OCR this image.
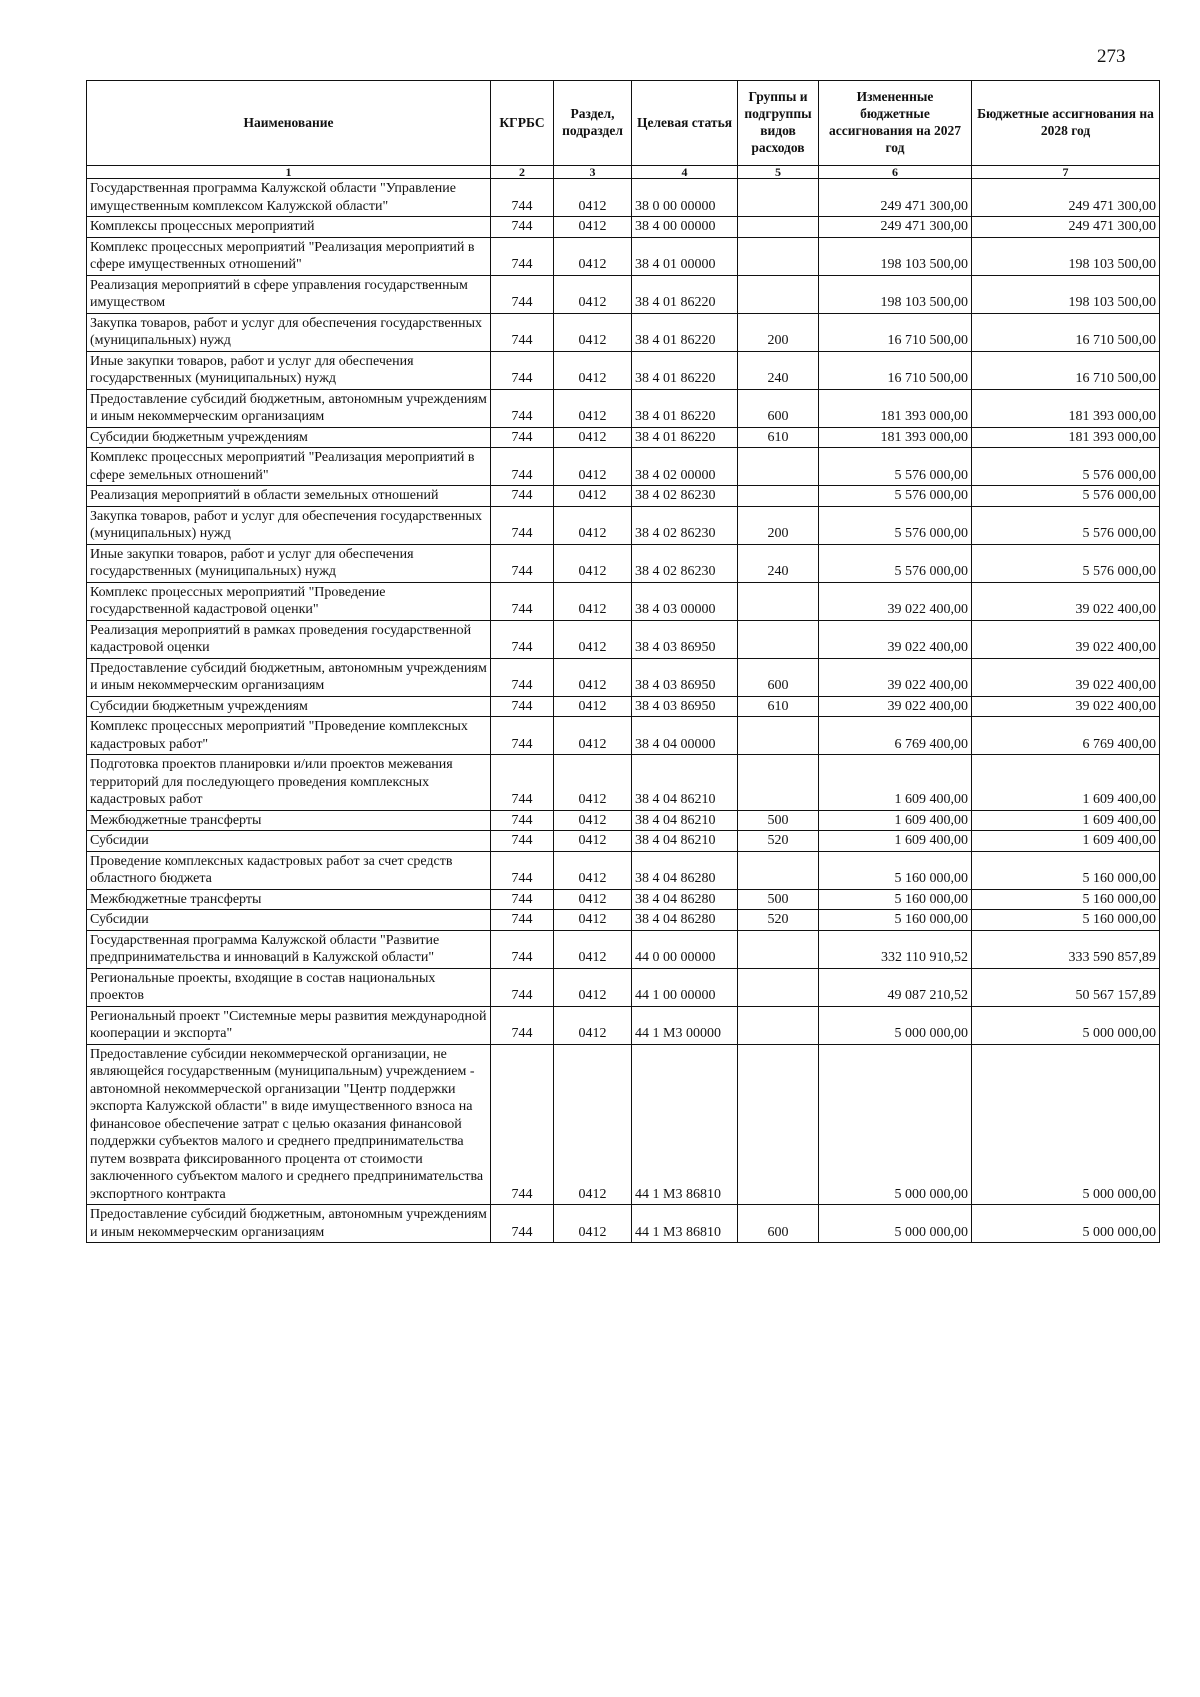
273
Наименование	КГРБС	Раздел, подраздел	Целевая статья	Группы и подгруппы видов расходов	Измененные бюджетные ассигнования на 2027 год	Бюджетные ассигнования на 2028 год
1	2	3	4	5	6	7
Государственная программа Калужской области "Управление имущественным комплексом Калужской области"	744	0412	38 0 00 00000		249 471 300,00	249 471 300,00
Комплексы процессных мероприятий	744	0412	38 4 00 00000		249 471 300,00	249 471 300,00
Комплекс процессных мероприятий "Реализация мероприятий в сфере имущественных отношений"	744	0412	38 4 01 00000		198 103 500,00	198 103 500,00
Реализация мероприятий в сфере управления государственным имуществом	744	0412	38 4 01 86220		198 103 500,00	198 103 500,00
Закупка товаров, работ и услуг для обеспечения государственных (муниципальных) нужд	744	0412	38 4 01 86220	200	16 710 500,00	16 710 500,00
Иные закупки товаров, работ и услуг для обеспечения государственных (муниципальных) нужд	744	0412	38 4 01 86220	240	16 710 500,00	16 710 500,00
Предоставление субсидий бюджетным, автономным учреждениям и иным некоммерческим организациям	744	0412	38 4 01 86220	600	181 393 000,00	181 393 000,00
Субсидии бюджетным учреждениям	744	0412	38 4 01 86220	610	181 393 000,00	181 393 000,00
Комплекс процессных мероприятий "Реализация мероприятий в сфере земельных отношений"	744	0412	38 4 02 00000		5 576 000,00	5 576 000,00
Реализация мероприятий в области земельных отношений	744	0412	38 4 02 86230		5 576 000,00	5 576 000,00
Закупка товаров, работ и услуг для обеспечения государственных (муниципальных) нужд	744	0412	38 4 02 86230	200	5 576 000,00	5 576 000,00
Иные закупки товаров, работ и услуг для обеспечения государственных (муниципальных) нужд	744	0412	38 4 02 86230	240	5 576 000,00	5 576 000,00
Комплекс процессных мероприятий "Проведение государственной кадастровой оценки"	744	0412	38 4 03 00000		39 022 400,00	39 022 400,00
Реализация мероприятий в рамках проведения государственной кадастровой оценки	744	0412	38 4 03 86950		39 022 400,00	39 022 400,00
Предоставление субсидий бюджетным, автономным учреждениям и иным некоммерческим организациям	744	0412	38 4 03 86950	600	39 022 400,00	39 022 400,00
Субсидии бюджетным учреждениям	744	0412	38 4 03 86950	610	39 022 400,00	39 022 400,00
Комплекс процессных мероприятий "Проведение комплексных кадастровых работ"	744	0412	38 4 04 00000		6 769 400,00	6 769 400,00
Подготовка проектов планировки и/или проектов межевания территорий для последующего проведения комплексных кадастровых работ	744	0412	38 4 04 86210		1 609 400,00	1 609 400,00
Межбюджетные трансферты	744	0412	38 4 04 86210	500	1 609 400,00	1 609 400,00
Субсидии	744	0412	38 4 04 86210	520	1 609 400,00	1 609 400,00
Проведение комплексных кадастровых работ за счет средств областного бюджета	744	0412	38 4 04 86280		5 160 000,00	5 160 000,00
Межбюджетные трансферты	744	0412	38 4 04 86280	500	5 160 000,00	5 160 000,00
Субсидии	744	0412	38 4 04 86280	520	5 160 000,00	5 160 000,00
Государственная программа Калужской области "Развитие предпринимательства и инноваций в Калужской области"	744	0412	44 0 00 00000		332 110 910,52	333 590 857,89
Региональные проекты, входящие в состав национальных проектов	744	0412	44 1 00 00000		49 087 210,52	50 567 157,89
Региональный проект "Системные меры развития международной кооперации и экспорта"	744	0412	44 1 М3 00000		5 000 000,00	5 000 000,00
Предоставление субсидии некоммерческой организации, не являющейся государственным (муниципальным) учреждением - автономной некоммерческой организации "Центр поддержки экспорта Калужской области" в виде имущественного взноса на финансовое обеспечение затрат с целью оказания финансовой поддержки субъектов малого и среднего предпринимательства путем возврата фиксированного процента от стоимости заключенного субъектом малого и среднего предпринимательства экспортного контракта	744	0412	44 1 М3 86810		5 000 000,00	5 000 000,00
Предоставление субсидий бюджетным, автономным учреждениям и иным некоммерческим организациям	744	0412	44 1 М3 86810	600	5 000 000,00	5 000 000,00
